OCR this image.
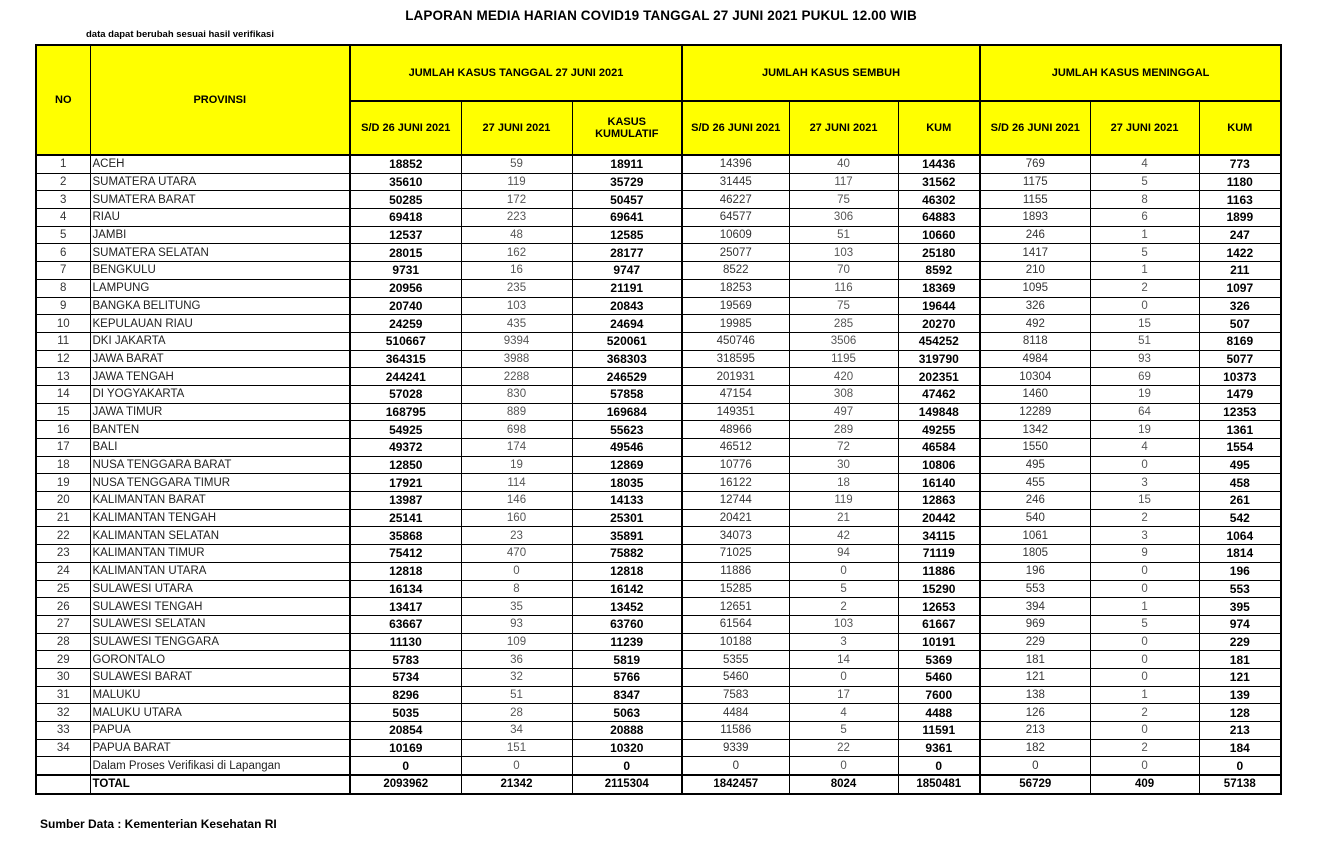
LAPORAN MEDIA HARIAN COVID19 TANGGAL 27 JUNI 2021 PUKUL 12.00 WIB
data dapat berubah sesuai hasil verifikasi
NO	PROVINSI	JUMLAH KASUS TANGGAL 27 JUNI 2021			JUMLAH KASUS SEMBUH			JUMLAH KASUS MENINGGAL		
		S/D 26 JUNI 2021	27 JUNI 2021	KASUS KUMULATIF	S/D 26 JUNI 2021	27 JUNI 2021	KUM	S/D 26 JUNI 2021	27 JUNI 2021	KUM
1	ACEH	18852	59	18911	14396	40	14436	769	4	773
2	SUMATERA UTARA	35610	119	35729	31445	117	31562	1175	5	1180
3	SUMATERA BARAT	50285	172	50457	46227	75	46302	1155	8	1163
4	RIAU	69418	223	69641	64577	306	64883	1893	6	1899
5	JAMBI	12537	48	12585	10609	51	10660	246	1	247
6	SUMATERA SELATAN	28015	162	28177	25077	103	25180	1417	5	1422
7	BENGKULU	9731	16	9747	8522	70	8592	210	1	211
8	LAMPUNG	20956	235	21191	18253	116	18369	1095	2	1097
9	BANGKA BELITUNG	20740	103	20843	19569	75	19644	326	0	326
10	KEPULAUAN RIAU	24259	435	24694	19985	285	20270	492	15	507
11	DKI JAKARTA	510667	9394	520061	450746	3506	454252	8118	51	8169
12	JAWA BARAT	364315	3988	368303	318595	1195	319790	4984	93	5077
13	JAWA TENGAH	244241	2288	246529	201931	420	202351	10304	69	10373
14	DI YOGYAKARTA	57028	830	57858	47154	308	47462	1460	19	1479
15	JAWA TIMUR	168795	889	169684	149351	497	149848	12289	64	12353
16	BANTEN	54925	698	55623	48966	289	49255	1342	19	1361
17	BALI	49372	174	49546	46512	72	46584	1550	4	1554
18	NUSA TENGGARA BARAT	12850	19	12869	10776	30	10806	495	0	495
19	NUSA TENGGARA TIMUR	17921	114	18035	16122	18	16140	455	3	458
20	KALIMANTAN BARAT	13987	146	14133	12744	119	12863	246	15	261
21	KALIMANTAN TENGAH	25141	160	25301	20421	21	20442	540	2	542
22	KALIMANTAN SELATAN	35868	23	35891	34073	42	34115	1061	3	1064
23	KALIMANTAN TIMUR	75412	470	75882	71025	94	71119	1805	9	1814
24	KALIMANTAN UTARA	12818	0	12818	11886	0	11886	196	0	196
25	SULAWESI UTARA	16134	8	16142	15285	5	15290	553	0	553
26	SULAWESI TENGAH	13417	35	13452	12651	2	12653	394	1	395
27	SULAWESI SELATAN	63667	93	63760	61564	103	61667	969	5	974
28	SULAWESI TENGGARA	11130	109	11239	10188	3	10191	229	0	229
29	GORONTALO	5783	36	5819	5355	14	5369	181	0	181
30	SULAWESI BARAT	5734	32	5766	5460	0	5460	121	0	121
31	MALUKU	8296	51	8347	7583	17	7600	138	1	139
32	MALUKU UTARA	5035	28	5063	4484	4	4488	126	2	128
33	PAPUA	20854	34	20888	11586	5	11591	213	0	213
34	PAPUA BARAT	10169	151	10320	9339	22	9361	182	2	184
	Dalam Proses Verifikasi di Lapangan	0	0	0	0	0	0	0	0	0
	TOTAL	2093962	21342	2115304	1842457	8024	1850481	56729	409	57138
Sumber Data : Kementerian Kesehatan RI
